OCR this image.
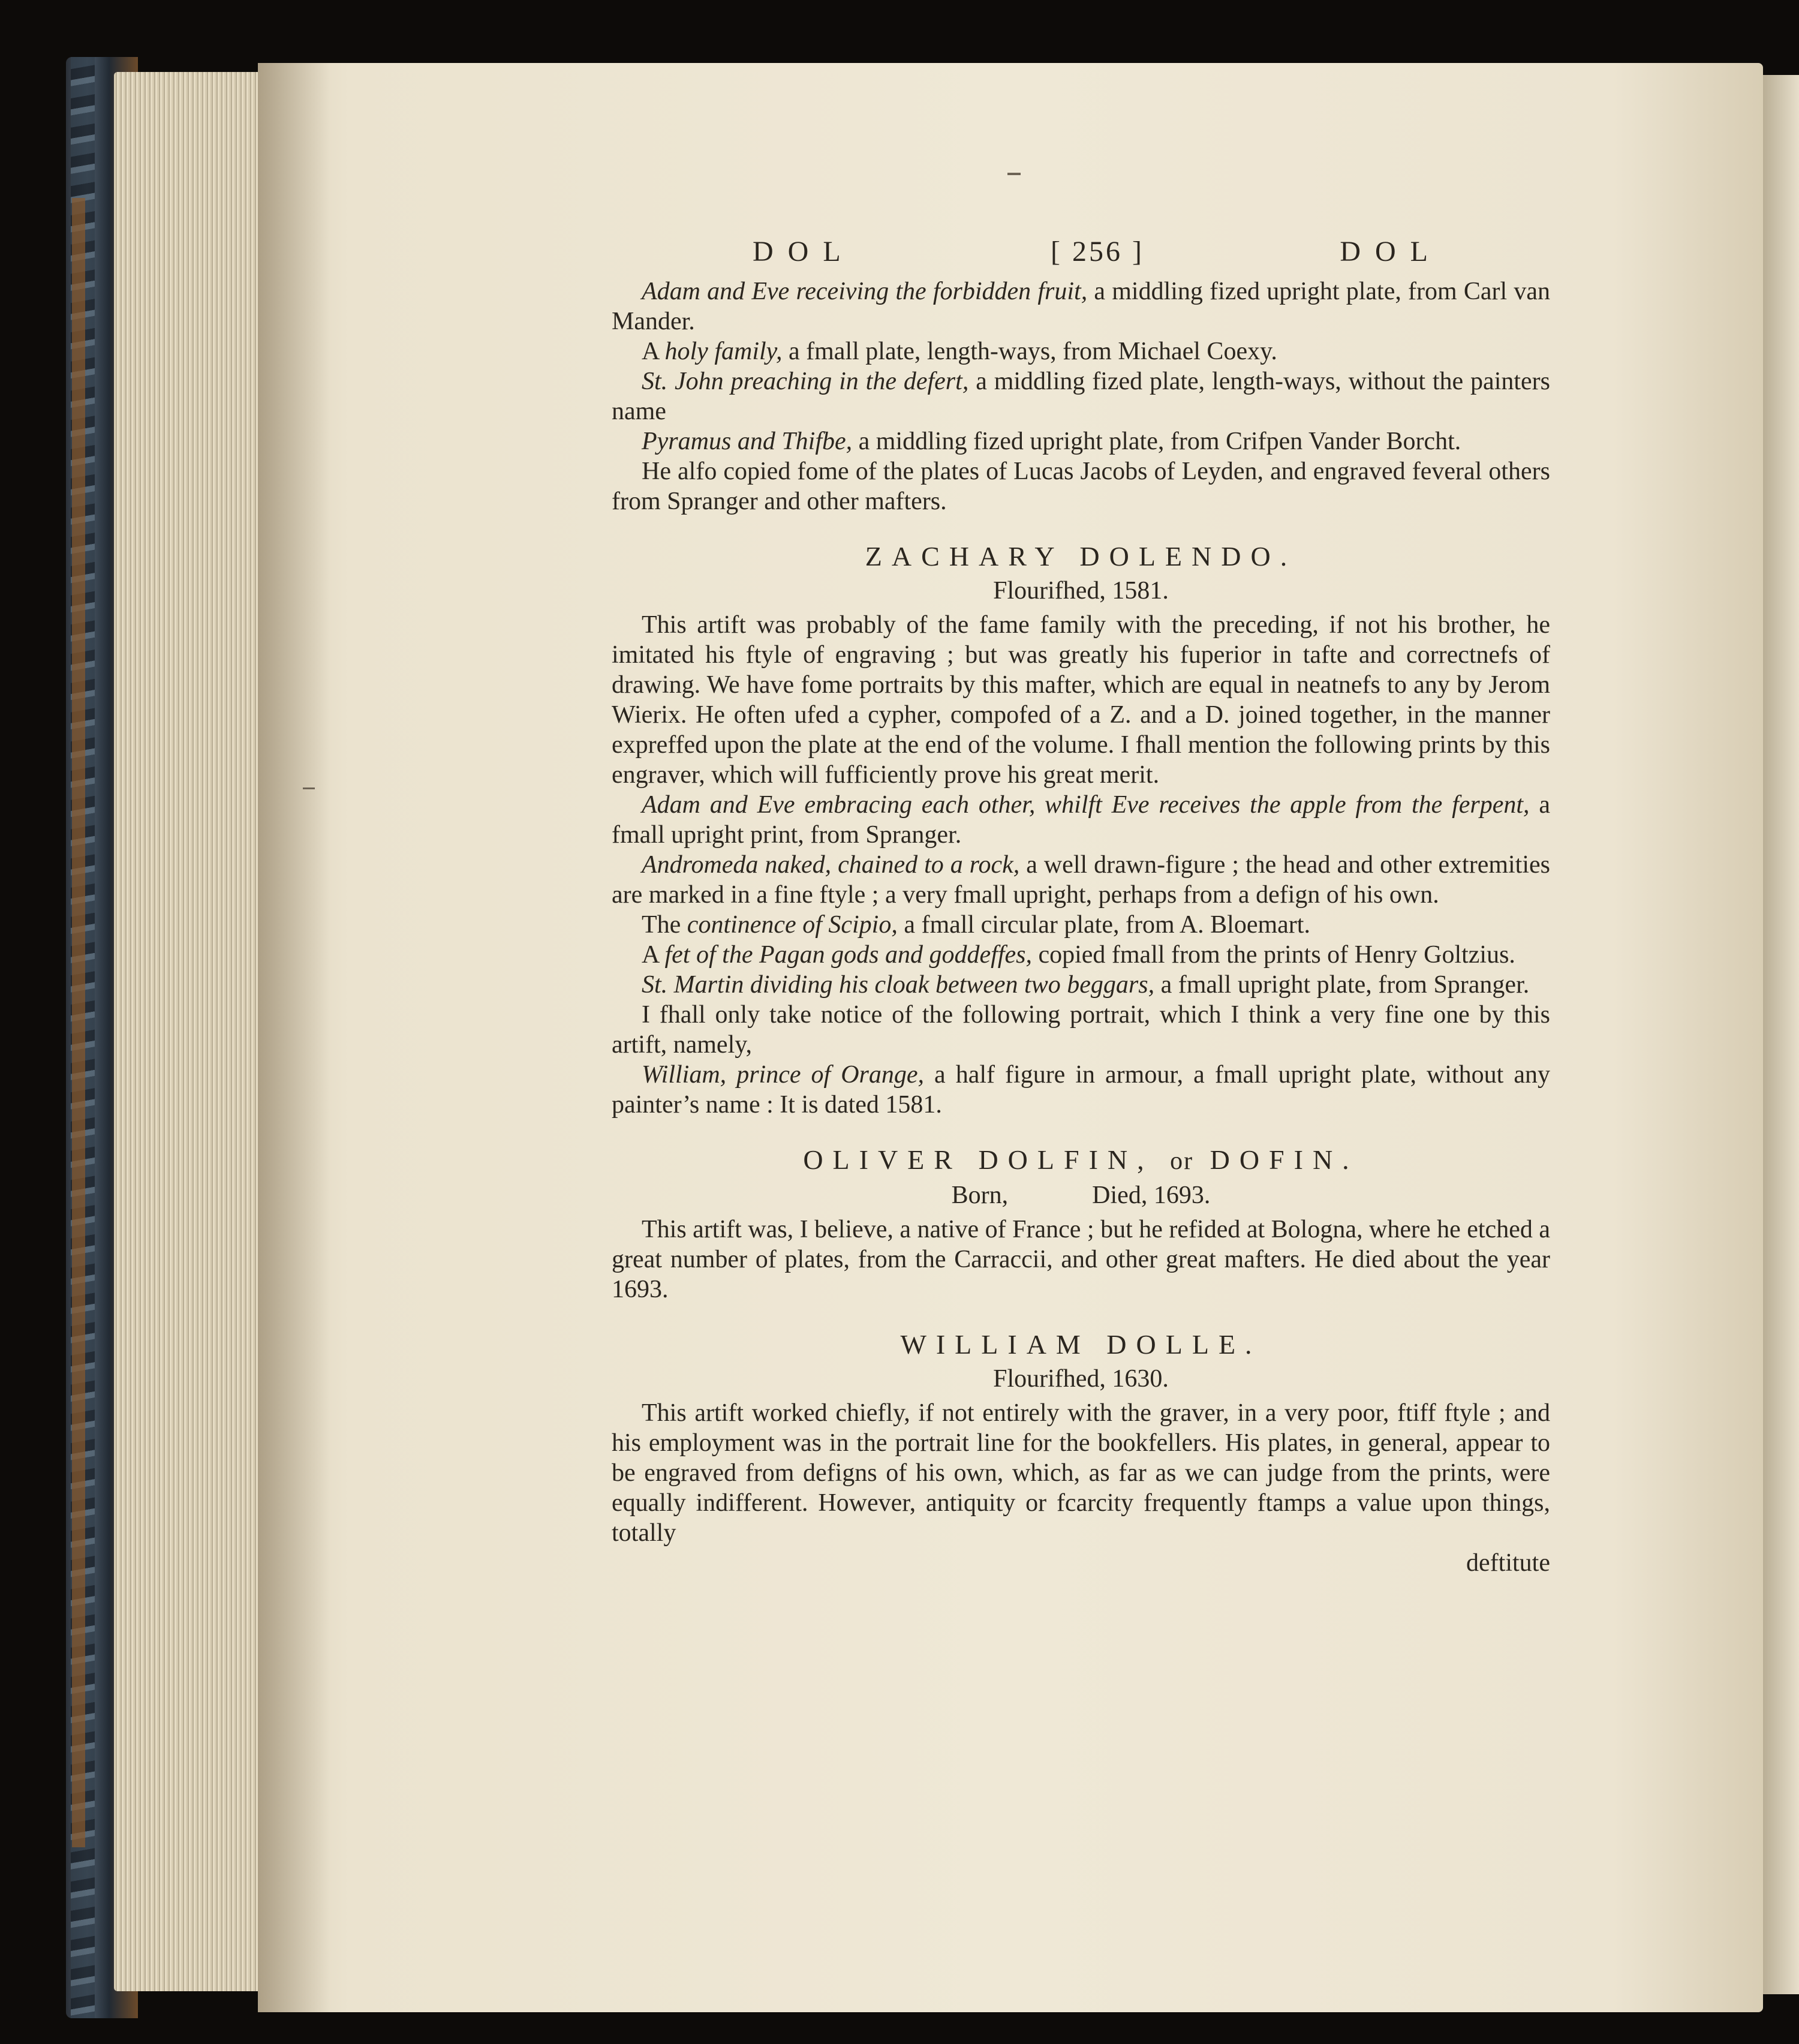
DOL	[ 256 ]	DOL

Adam and Eve receiving the forbidden fruit, a middling fized upright plate, from Carl van Mander.

A holy family, a fmall plate, length-ways, from Michael Coexy.

St. John preaching in the defert, a middling fized plate, length-ways, without the painters name

Pyramus and Thifbe, a middling fized upright plate, from Crifpen Vander Borcht.

He alfo copied fome of the plates of Lucas Jacobs of Leyden, and engraved feveral others from Spranger and other mafters.

ZACHARY DOLENDO.
Flourifhed, 1581.

This artift was probably of the fame family with the preceding, if not his brother, he imitated his ftyle of engraving ; but was greatly his fuperior in tafte and correctnefs of drawing. We have fome portraits by this mafter, which are equal in neatnefs to any by Jerom Wierix. He often ufed a cypher, compofed of a Z. and a D. joined together, in the manner expreffed upon the plate at the end of the volume. I fhall mention the following prints by this engraver, which will fufficiently prove his great merit.

Adam and Eve embracing each other, whilft Eve receives the apple from the ferpent, a fmall upright print, from Spranger.

Andromeda naked, chained to a rock, a well drawn-figure ; the head and other extremities are marked in a fine ftyle ; a very fmall upright, perhaps from a defign of his own.

The continence of Scipio, a fmall circular plate, from A. Bloemart.

A fet of the Pagan gods and goddeffes, copied fmall from the prints of Henry Goltzius.

St. Martin dividing his cloak between two beggars, a fmall upright plate, from Spranger.

I fhall only take notice of the following portrait, which I think a very fine one by this artift, namely,

William, prince of Orange, a half figure in armour, a fmall upright plate, without any painter’s name : It is dated 1581.

OLIVER DOLFIN, or DOFIN.
Born,	Died, 1693.

This artift was, I believe, a native of France ; but he refided at Bologna, where he etched a great number of plates, from the Carraccii, and other great mafters. He died about the year 1693.

WILLIAM DOLLE.
Flourifhed, 1630.

This artift worked chiefly, if not entirely with the graver, in a very poor, ftiff ftyle ; and his employment was in the portrait line for the bookfellers. His plates, in general, appear to be engraved from defigns of his own, which, as far as we can judge from the prints, were equally indifferent. However, antiquity or fcarcity frequently ftamps a value upon things, totally

deftitute
